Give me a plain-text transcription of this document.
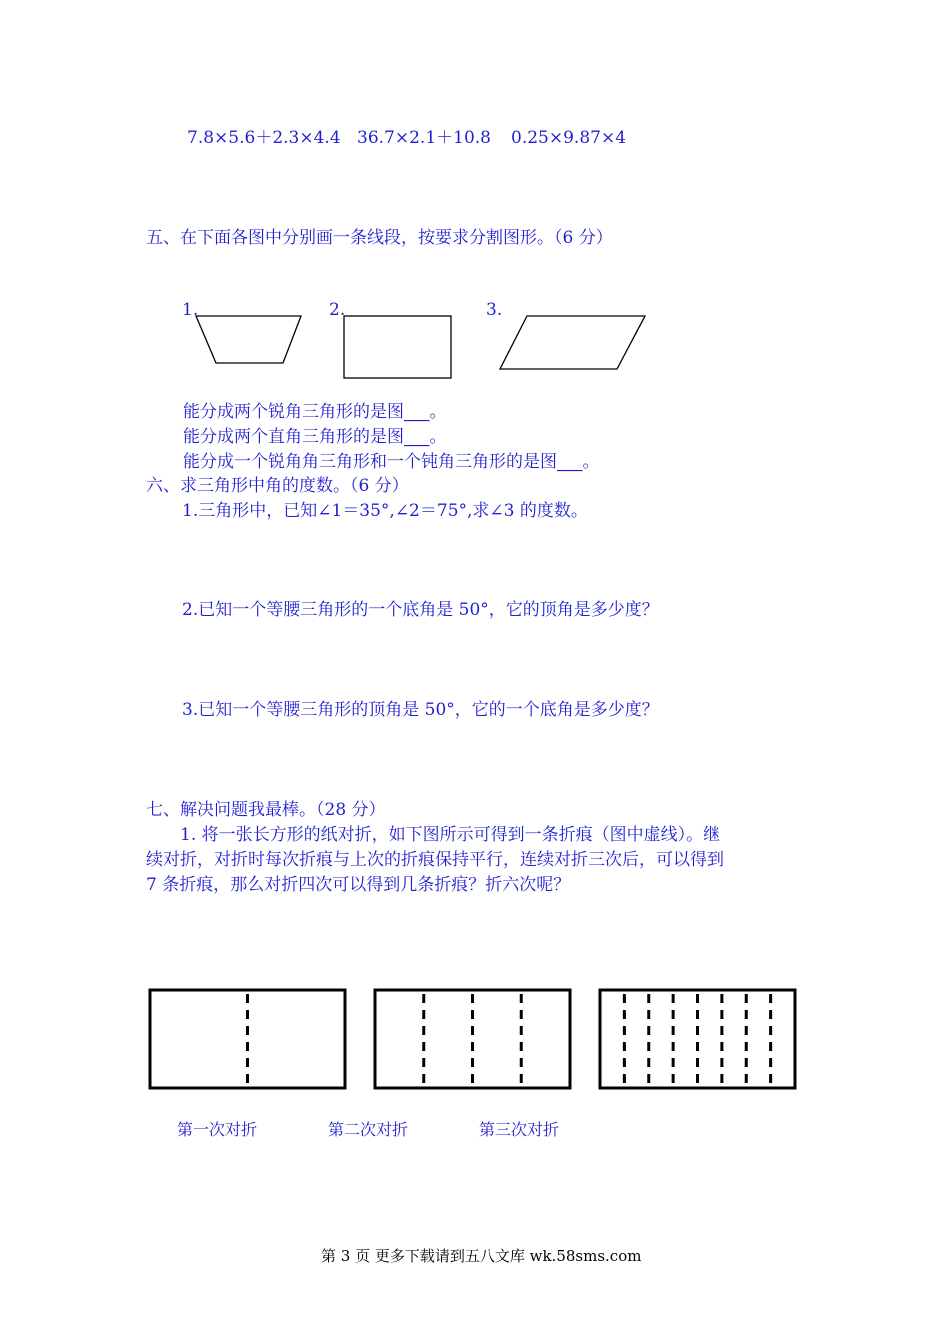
7.8×5.6＋2.3×4.4 36.7×2.1＋10.8 0.25×9.87×4
五、在下面各图中分别画一条线段，按要求分割图形。（6 分）
1.	2.	3.
能分成两个锐角三角形的是图___。
能分成两个直角三角形的是图___。
能分成一个锐角角三角形和一个钝角三角形的是图___。
六、求三角形中角的度数。（6 分）
1.三角形中，已知∠1＝35°,∠2＝75°,求∠3 的度数。
2.已知一个等腰三角形的一个底角是 50°，它的顶角是多少度？
3.已知一个等腰三角形的顶角是 50°，它的一个底角是多少度？
七、解决问题我最棒。（28 分）
1. 将一张长方形的纸对折，如下图所示可得到一条折痕（图中虚线）。继
续对折，对折时每次折痕与上次的折痕保持平行，连续对折三次后，可以得到
7 条折痕，那么对折四次可以得到几条折痕？折六次呢？
第一次对折	第二次对折	第三次对折
第 3 页 更多下载请到五八文库 wk.58sms.com
